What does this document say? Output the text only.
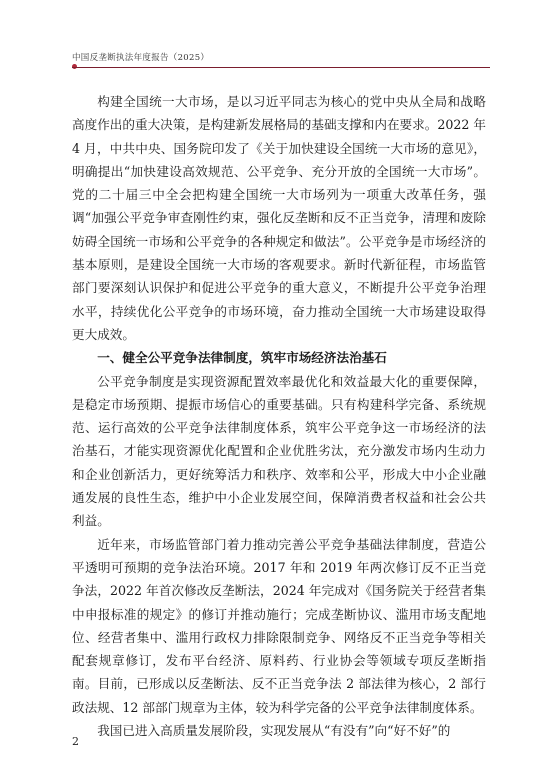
中国反垄断执法年度报告（2025）

构建全国统一大市场，是以习近平同志为核心的党中央从全局和战略高度作出的重大决策，是构建新发展格局的基础支撑和内在要求。2022 年 4 月，中共中央、国务院印发了《关于加快建设全国统一大市场的意见》，明确提出“加快建设高效规范、公平竞争、充分开放的全国统一大市场”。党的二十届三中全会把构建全国统一大市场列为一项重大改革任务，强调“加强公平竞争审查刚性约束，强化反垄断和反不正当竞争，清理和废除妨碍全国统一市场和公平竞争的各种规定和做法”。公平竞争是市场经济的基本原则，是建设全国统一大市场的客观要求。新时代新征程，市场监管部门要深刻认识保护和促进公平竞争的重大意义，不断提升公平竞争治理水平，持续优化公平竞争的市场环境，奋力推动全国统一大市场建设取得更大成效。

一、健全公平竞争法律制度，筑牢市场经济法治基石

公平竞争制度是实现资源配置效率最优化和效益最大化的重要保障，是稳定市场预期、提振市场信心的重要基础。只有构建科学完备、系统规范、运行高效的公平竞争法律制度体系，筑牢公平竞争这一市场经济的法治基石，才能实现资源优化配置和企业优胜劣汰，充分激发市场内生动力和企业创新活力，更好统筹活力和秩序、效率和公平，形成大中小企业融通发展的良性生态，维护中小企业发展空间，保障消费者权益和社会公共利益。

近年来，市场监管部门着力推动完善公平竞争基础法律制度，营造公平透明可预期的竞争法治环境。2017 年和 2019 年两次修订反不正当竞争法，2022 年首次修改反垄断法，2024 年完成对《国务院关于经营者集中申报标准的规定》的修订并推动施行；完成垄断协议、滥用市场支配地位、经营者集中、滥用行政权力排除限制竞争、网络反不正当竞争等相关配套规章修订，发布平台经济、原料药、行业协会等领域专项反垄断指南。目前，已形成以反垄断法、反不正当竞争法 2 部法律为核心，2 部行政法规、12 部部门规章为主体，较为科学完备的公平竞争法律制度体系。

我国已进入高质量发展阶段，实现发展从“有没有”向“好不好”的

2
